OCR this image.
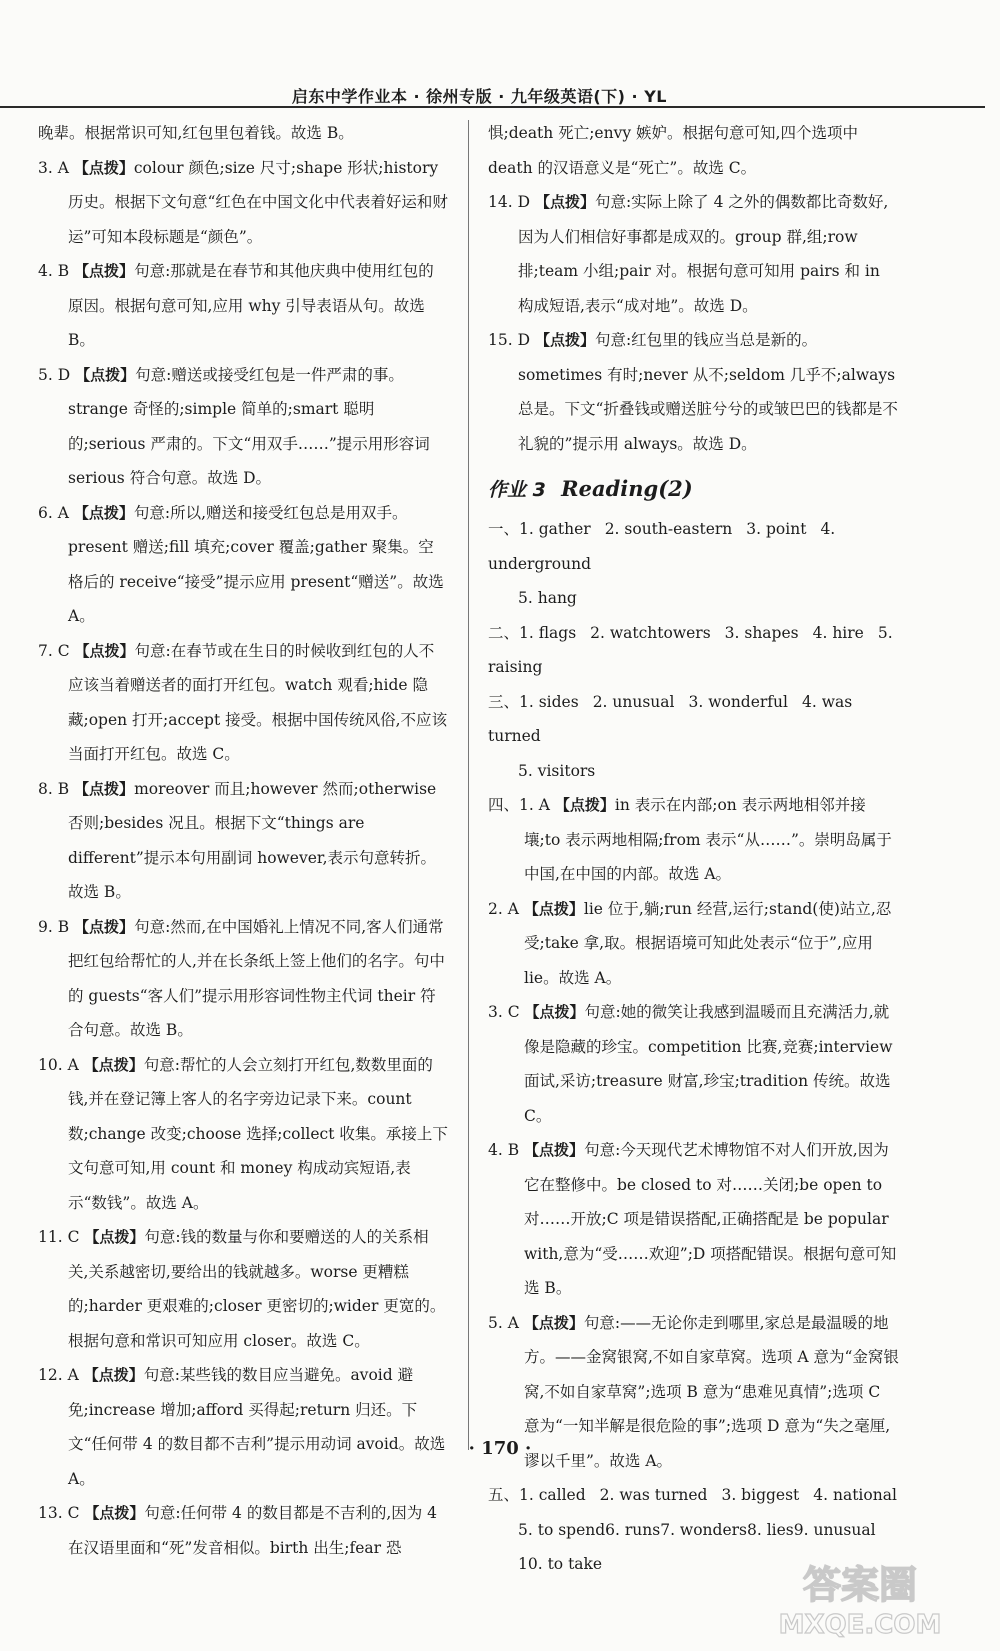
启东中学作业本 · 徐州专版 · 九年级英语(下) · YL

晚辈。根据常识可知,红包里包着钱。故选 B。

3. A 【点拨】colour 颜色;size 尺寸;shape 形状;history 历史。根据下文句意“红色在中国文化中代表着好运和财运”可知本段标题是“颜色”。

4. B 【点拨】句意:那就是在春节和其他庆典中使用红包的原因。根据句意可知,应用 why 引导表语从句。故选 B。

5. D 【点拨】句意:赠送或接受红包是一件严肃的事。strange 奇怪的;simple 简单的;smart 聪明的;serious 严肃的。下文“用双手……”提示用形容词 serious 符合句意。故选 D。

6. A 【点拨】句意:所以,赠送和接受红包总是用双手。present 赠送;fill 填充;cover 覆盖;gather 聚集。空格后的 receive“接受”提示应用 present“赠送”。故选 A。

7. C 【点拨】句意:在春节或在生日的时候收到红包的人不应该当着赠送者的面打开红包。watch 观看;hide 隐藏;open 打开;accept 接受。根据中国传统风俗,不应该当面打开红包。故选 C。

8. B 【点拨】moreover 而且;however 然而;otherwise 否则;besides 况且。根据下文“things are different”提示本句用副词 however,表示句意转折。故选 B。

9. B 【点拨】句意:然而,在中国婚礼上情况不同,客人们通常把红包给帮忙的人,并在长条纸上签上他们的名字。句中的 guests“客人们”提示用形容词性物主代词 their 符合句意。故选 B。

10. A 【点拨】句意:帮忙的人会立刻打开红包,数数里面的钱,并在登记簿上客人的名字旁边记录下来。count 数;change 改变;choose 选择;collect 收集。承接上下文句意可知,用 count 和 money 构成动宾短语,表示“数钱”。故选 A。

11. C 【点拨】句意:钱的数量与你和要赠送的人的关系相关,关系越密切,要给出的钱就越多。worse 更糟糕的;harder 更艰难的;closer 更密切的;wider 更宽的。根据句意和常识可知应用 closer。故选 C。

12. A 【点拨】句意:某些钱的数目应当避免。avoid 避免;increase 增加;afford 买得起;return 归还。下文“任何带 4 的数目都不吉利”提示用动词 avoid。故选 A。

13. C 【点拨】句意:任何带 4 的数目都是不吉利的,因为 4 在汉语里面和“死”发音相似。birth 出生;fear 恐

惧;death 死亡;envy 嫉妒。根据句意可知,四个选项中 death 的汉语意义是“死亡”。故选 C。

14. D 【点拨】句意:实际上除了 4 之外的偶数都比奇数好,因为人们相信好事都是成双的。group 群,组;row 排;team 小组;pair 对。根据句意可知用 pairs 和 in 构成短语,表示“成对地”。故选 D。

15. D 【点拨】句意:红包里的钱应当总是新的。sometimes 有时;never 从不;seldom 几乎不;always 总是。下文“折叠钱或赠送脏兮兮的或皱巴巴的钱都是不礼貌的”提示用 always。故选 D。

作业 3 Reading(2)

一、1. gather 2. south-eastern 3. point 4. underground

5. hang

二、1. flags 2. watchtowers 3. shapes 4. hire 5. raising

三、1. sides 2. unusual 3. wonderful 4. was turned

5. visitors

四、1. A 【点拨】in 表示在内部;on 表示两地相邻并接壤;to 表示两地相隔;from 表示“从……”。崇明岛属于中国,在中国的内部。故选 A。

2. A 【点拨】lie 位于,躺;run 经营,运行;stand(使)站立,忍受;take 拿,取。根据语境可知此处表示“位于”,应用 lie。故选 A。

3. C 【点拨】句意:她的微笑让我感到温暖而且充满活力,就像是隐藏的珍宝。competition 比赛,竞赛;interview 面试,采访;treasure 财富,珍宝;tradition 传统。故选 C。

4. B 【点拨】句意:今天现代艺术博物馆不对人们开放,因为它在整修中。be closed to 对……关闭;be open to 对……开放;C 项是错误搭配,正确搭配是 be popular with,意为“受……欢迎”;D 项搭配错误。根据句意可知选 B。

5. A 【点拨】句意:——无论你走到哪里,家总是最温暖的地方。——金窝银窝,不如自家草窝。选项 A 意为“金窝银窝,不如自家草窝”;选项 B 意为“患难见真情”;选项 C 意为“一知半解是很危险的事”;选项 D 意为“失之毫厘,谬以千里”。故选 A。

五、1. called 2. was turned 3. biggest 4. national

5. to spend6. runs7. wonders8. lies9. unusual

10. to take

· 170 ·
答案圈
MXQE.COM
